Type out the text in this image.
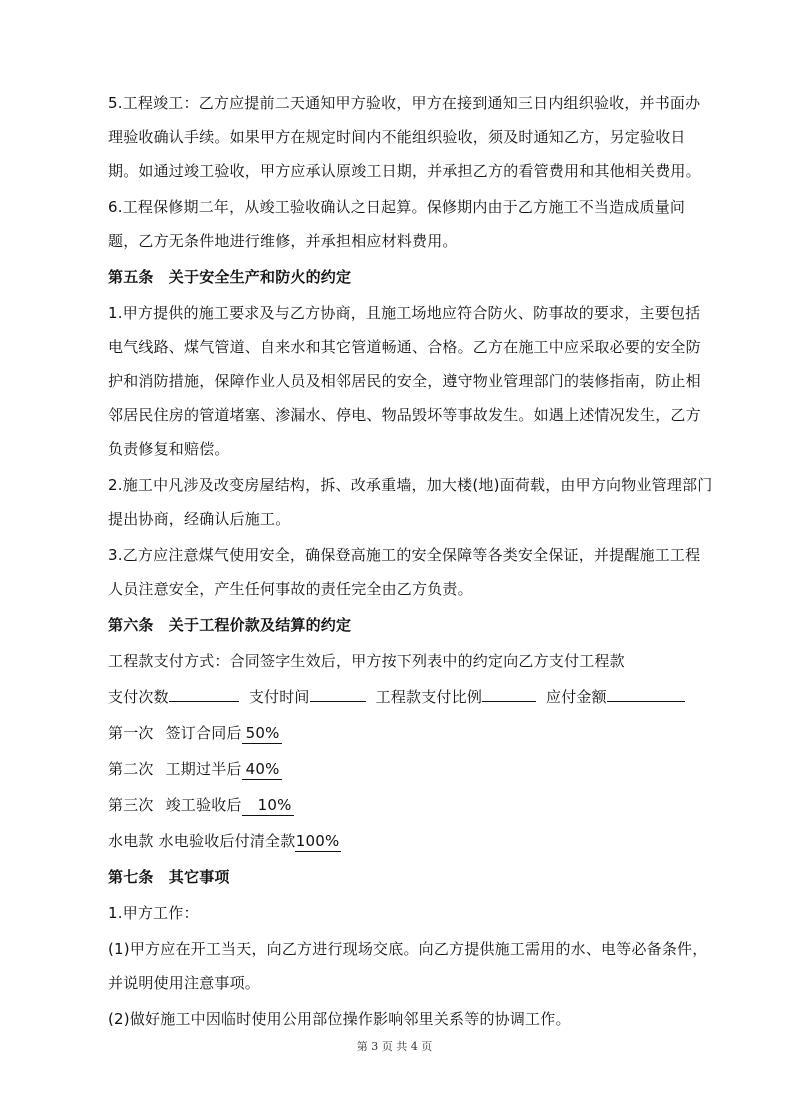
5.工程竣工：乙方应提前二天通知甲方验收，甲方在接到通知三日内组织验收，并书面办理验收确认手续。如果甲方在规定时间内不能组织验收，须及时通知乙方，另定验收日期。如通过竣工验收，甲方应承认原竣工日期，并承担乙方的看管费用和其他相关费用。

6.工程保修期二年，从竣工验收确认之日起算。保修期内由于乙方施工不当造成质量问题，乙方无条件地进行维修，并承担相应材料费用。

第五条　关于安全生产和防火的约定

1.甲方提供的施工要求及与乙方协商，且施工场地应符合防火、防事故的要求，主要包括电气线路、煤气管道、自来水和其它管道畅通、合格。乙方在施工中应采取必要的安全防护和消防措施，保障作业人员及相邻居民的安全，遵守物业管理部门的装修指南，防止相邻居民住房的管道堵塞、渗漏水、停电、物品毁坏等事故发生。如遇上述情况发生，乙方负责修复和赔偿。

2.施工中凡涉及改变房屋结构，拆、改承重墙，加大楼(地)面荷载，由甲方向物业管理部门提出协商，经确认后施工。

3.乙方应注意煤气使用安全，确保登高施工的安全保障等各类安全保证，并提醒施工工程人员注意安全，产生任何事故的责任完全由乙方负责。

第六条　关于工程价款及结算的约定

工程款支付方式：合同签字生效后，甲方按下列表中的约定向乙方支付工程款

支付次数	支付时间	工程款支付比例	应付金额
第一次 签订合同后 50%
第二次 工期过半后 40%
第三次 竣工验收后	10%
水电款 水电验收后付清全款 100%

第七条　其它事项

1.甲方工作：

(1)甲方应在开工当天，向乙方进行现场交底。向乙方提供施工需用的水、电等必备条件，并说明使用注意事项。

(2)做好施工中因临时使用公用部位操作影响邻里关系等的协调工作。

第 3 页 共 4 页
